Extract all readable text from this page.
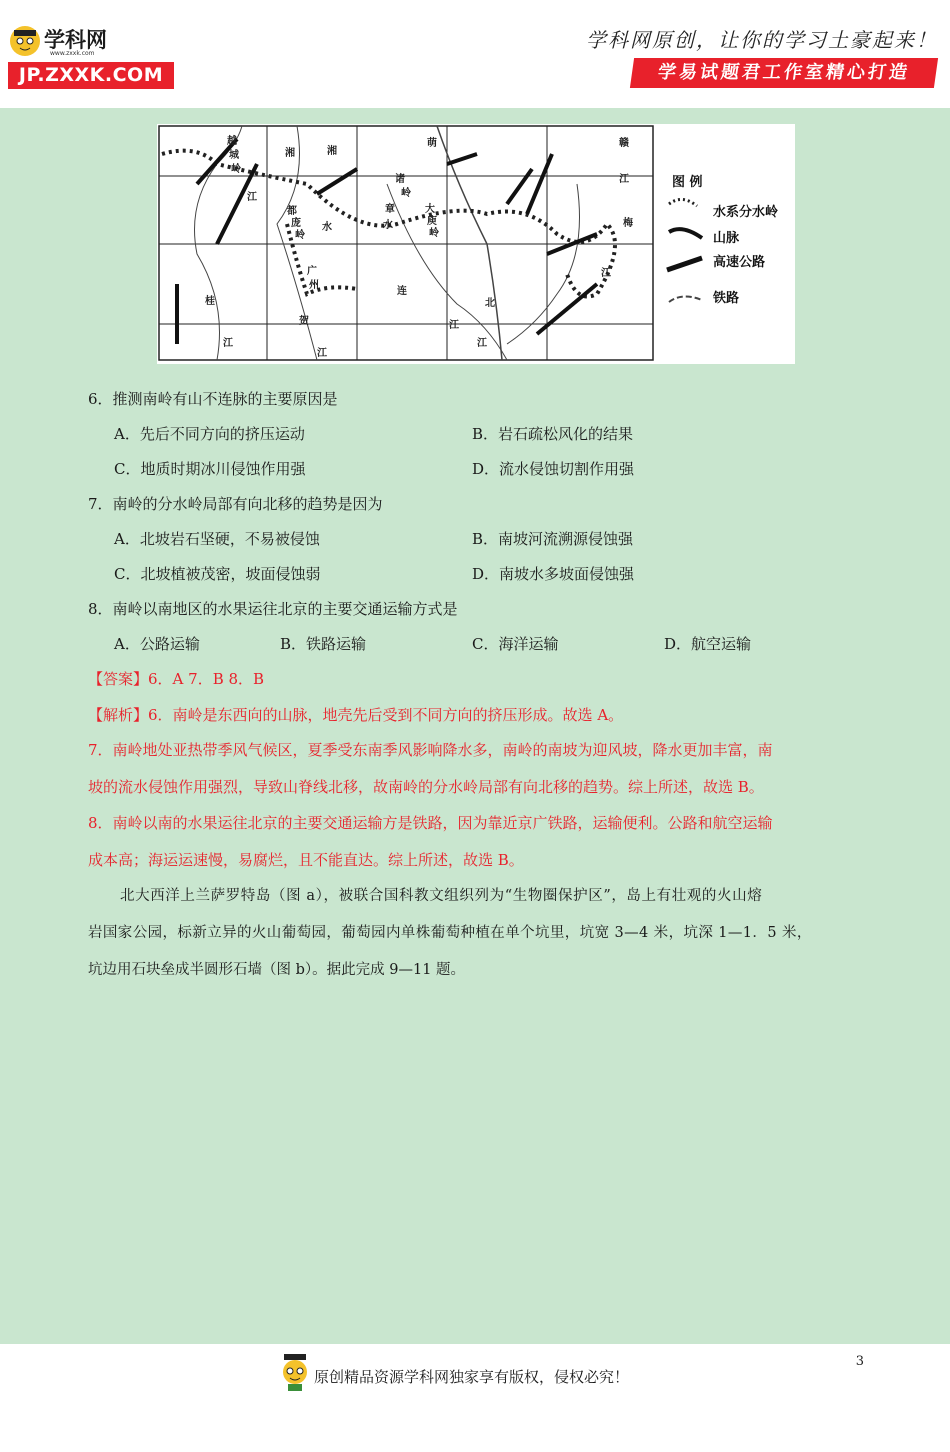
学科网
www.zxxk.com
JP.ZXXK.COM
学科网原创，让你的学习土豪起来！
学易试题君工作室精心打造
图 例
水系分水岭
山脉
高速公路
铁路
越
城
岭
湘
江
都
庞
岭
湘
水
萌
诸
岭
广
州
章
水
大
庾
岭
连
江
北
江
赣
江
桂
江
贺
江
梅
江
6．推测南岭有山不连脉的主要原因是
A．先后不同方向的挤压运动	B．岩石疏松风化的结果
C．地质时期冰川侵蚀作用强	D．流水侵蚀切割作用强
7．南岭的分水岭局部有向北移的趋势是因为
A．北坡岩石坚硬，不易被侵蚀	B．南坡河流溯源侵蚀强
C．北坡植被茂密，坡面侵蚀弱	D．南坡水多坡面侵蚀强
8．南岭以南地区的水果运往北京的主要交通运输方式是
A．公路运输	B．铁路运输	C．海洋运输	D．航空运输
【答案】6．A 7．B 8．B
【解析】6．南岭是东西向的山脉，地壳先后受到不同方向的挤压形成。故选 A。
7．南岭地处亚热带季风气候区，夏季受东南季风影响降水多，南岭的南坡为迎风坡，降水更加丰富，南
坡的流水侵蚀作用强烈，导致山脊线北移，故南岭的分水岭局部有向北移的趋势。综上所述，故选 B。
8．南岭以南的水果运往北京的主要交通运输方是铁路，因为靠近京广铁路，运输便利。公路和航空运输
成本高；海运运速慢，易腐烂，且不能直达。综上所述，故选 B。
北大西洋上兰萨罗特岛（图 a），被联合国科教文组织列为“生物圈保护区”，岛上有壮观的火山熔
岩国家公园，标新立异的火山葡萄园，葡萄园内单株葡萄种植在单个坑里，坑宽 3—4 米，坑深 1—1．5 米，
坑边用石块垒成半圆形石墙（图 b）。据此完成 9—11 题。
3
原创精品资源学科网独家享有版权，侵权必究！
